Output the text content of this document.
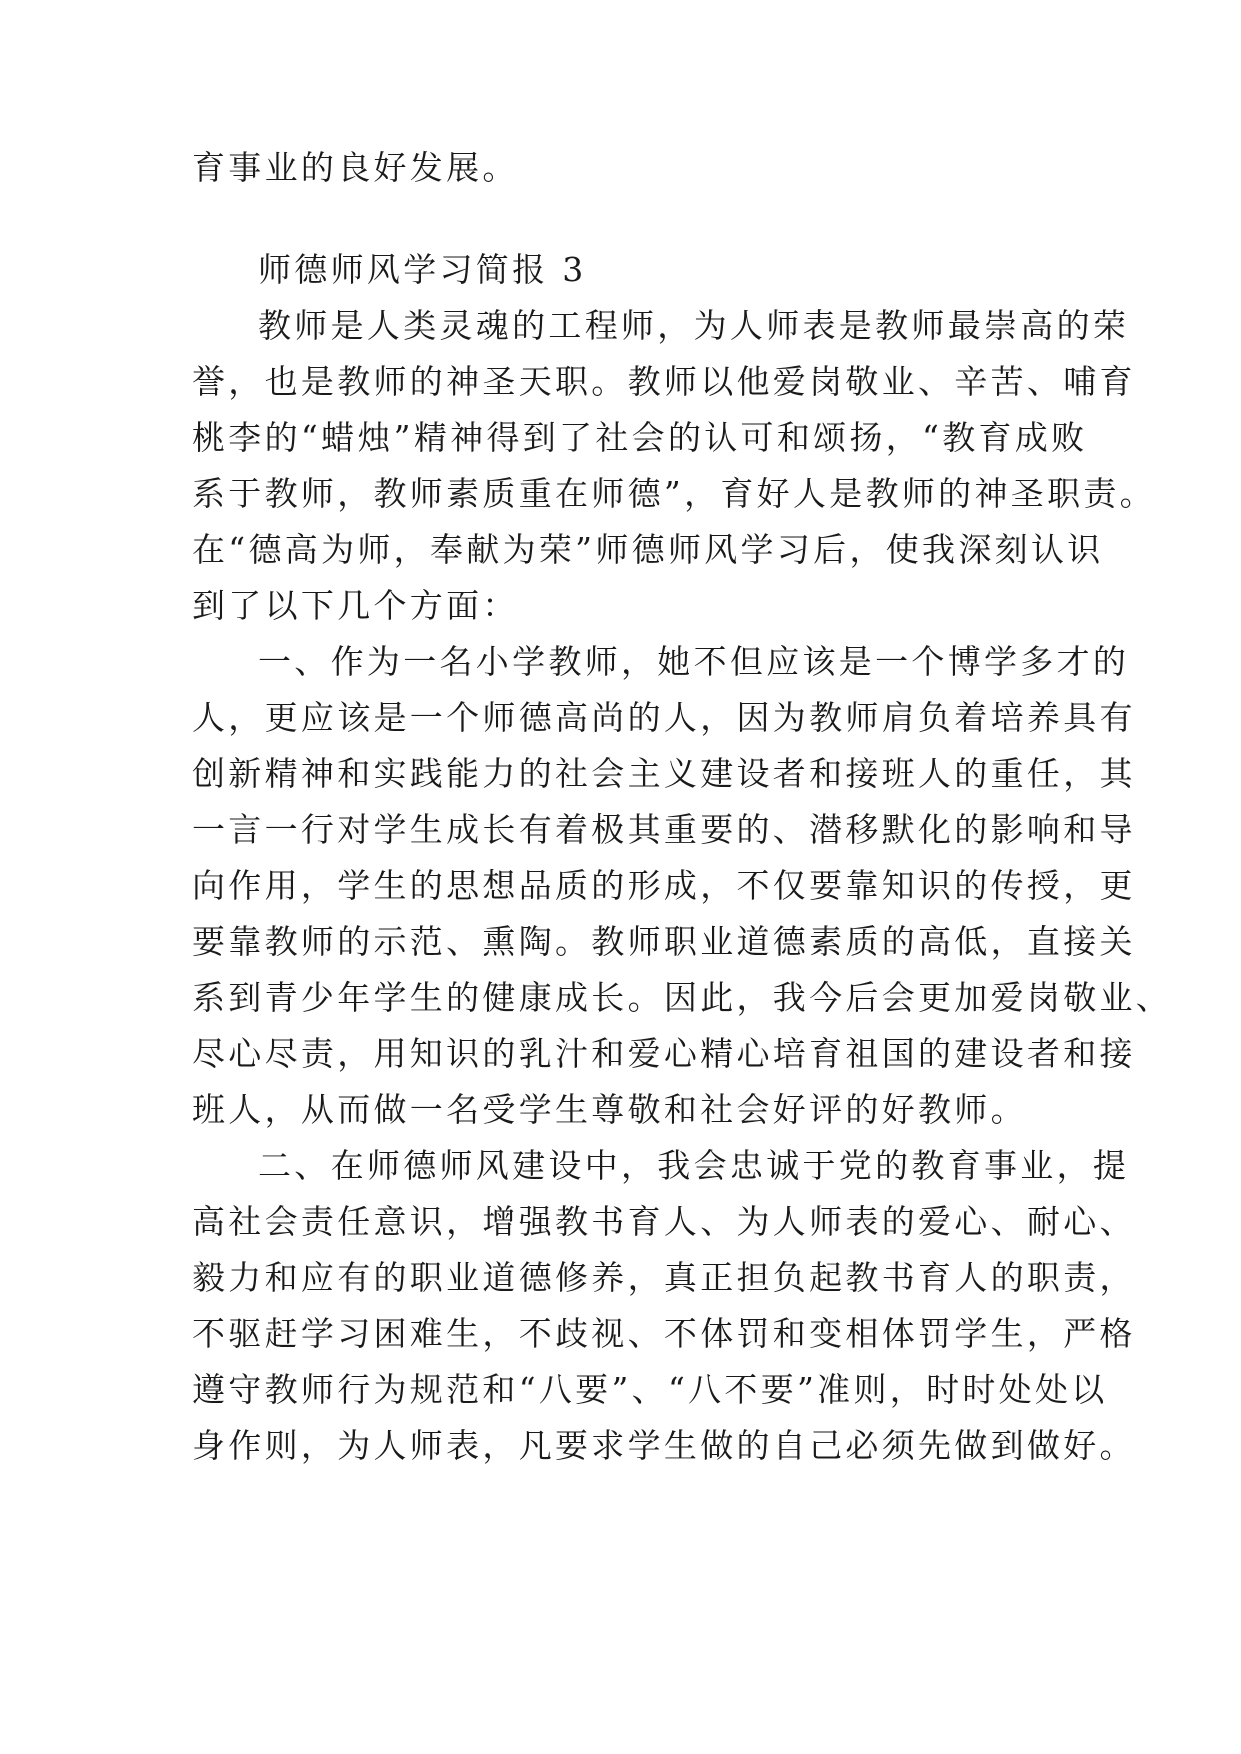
育事业的良好发展。
师德师风学习简报 3
教师是人类灵魂的工程师，为人师表是教师最崇高的荣
誉，也是教师的神圣天职。教师以他爱岗敬业、辛苦、哺育
桃李的“蜡烛”精神得到了社会的认可和颂扬，“教育成败
系于教师，教师素质重在师德”，育好人是教师的神圣职责。
在“德高为师，奉献为荣”师德师风学习后，使我深刻认识
到了以下几个方面：
一、作为一名小学教师，她不但应该是一个博学多才的
人，更应该是一个师德高尚的人，因为教师肩负着培养具有
创新精神和实践能力的社会主义建设者和接班人的重任，其
一言一行对学生成长有着极其重要的、潜移默化的影响和导
向作用，学生的思想品质的形成，不仅要靠知识的传授，更
要靠教师的示范、熏陶。教师职业道德素质的高低，直接关
系到青少年学生的健康成长。因此，我今后会更加爱岗敬业、
尽心尽责，用知识的乳汁和爱心精心培育祖国的建设者和接
班人，从而做一名受学生尊敬和社会好评的好教师。
二、在师德师风建设中，我会忠诚于党的教育事业，提
高社会责任意识，增强教书育人、为人师表的爱心、耐心、
毅力和应有的职业道德修养，真正担负起教书育人的职责，
不驱赶学习困难生，不歧视、不体罚和变相体罚学生，严格
遵守教师行为规范和“八要”、“八不要”准则，时时处处以
身作则，为人师表，凡要求学生做的自己必须先做到做好。
